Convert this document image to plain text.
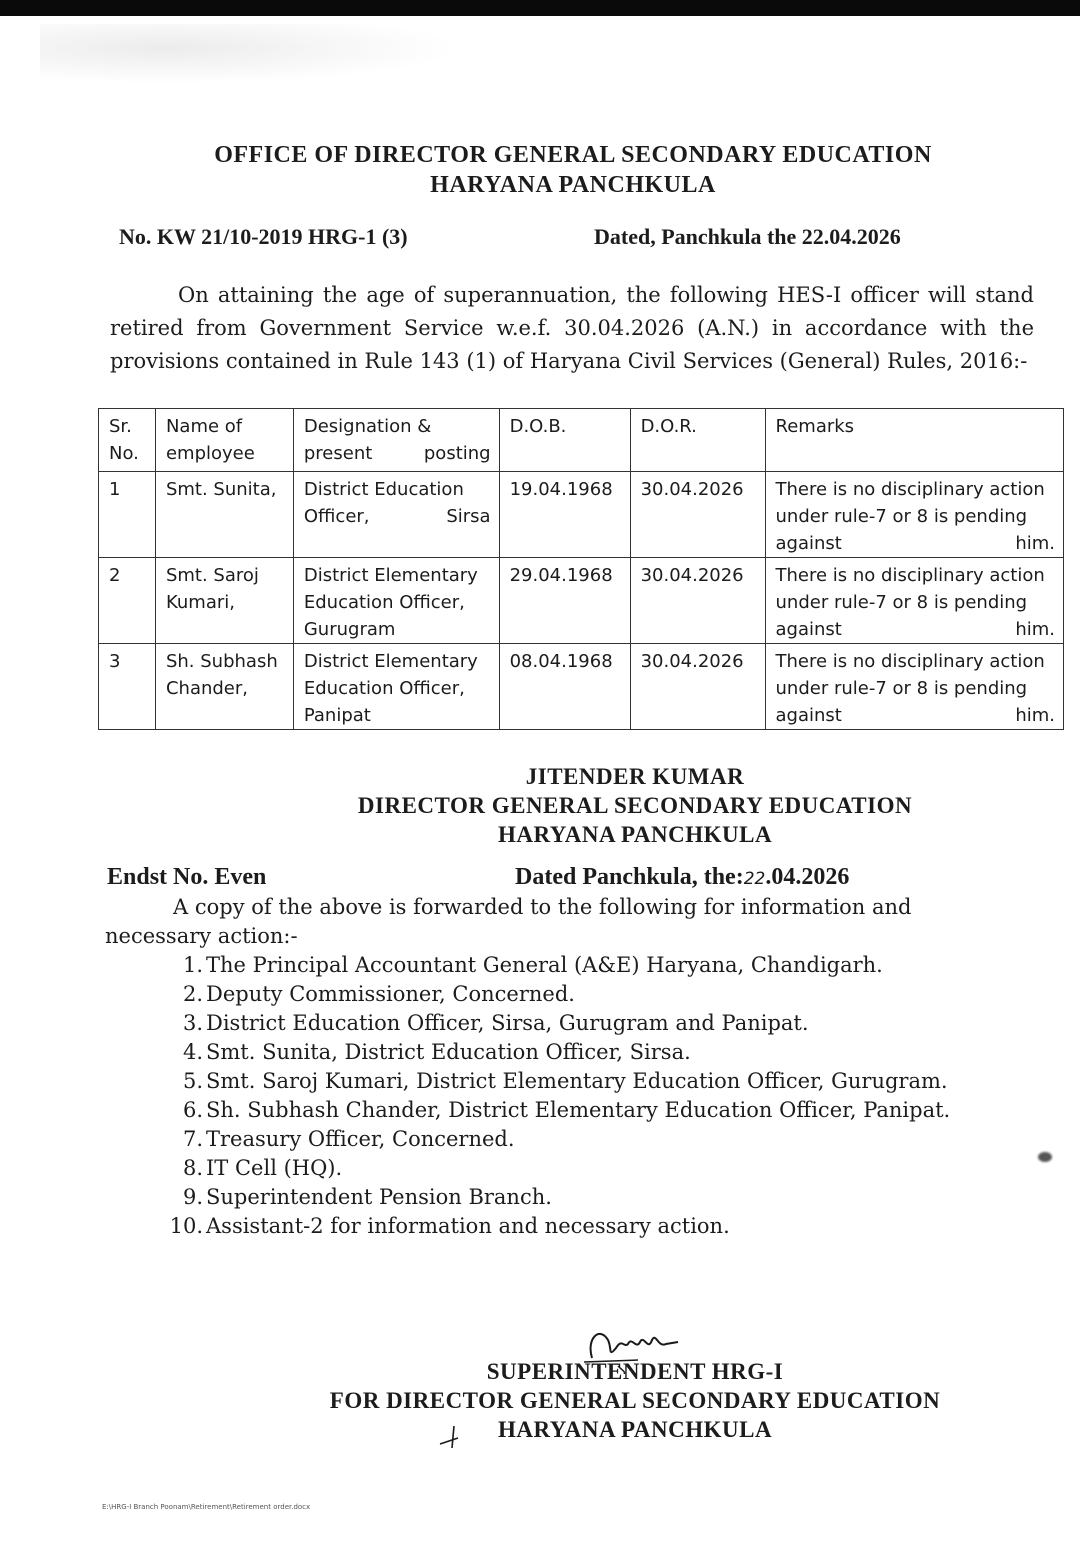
OFFICE OF DIRECTOR GENERAL SECONDARY EDUCATION
HARYANA PANCHKULA
No. KW 21/10-2019 HRG-1 (3)	Dated, Panchkula the 22.04.2026
On attaining the age of superannuation, the following HES-I officer will stand retired from Government Service w.e.f. 30.04.2026 (A.N.) in accordance with the provisions contained in Rule 143 (1) of Haryana Civil Services (General) Rules, 2016:-
Sr. No.	Name of employee	Designation & present posting	D.O.B.	D.O.R.	Remarks
1	Smt. Sunita,	District Education Officer, Sirsa	19.04.1968	30.04.2026	There is no disciplinary action under rule-7 or 8 is pending against him.
2	Smt. Saroj Kumari,	District Elementary Education Officer, Gurugram	29.04.1968	30.04.2026	There is no disciplinary action under rule-7 or 8 is pending against him.
3	Sh. Subhash Chander,	District Elementary Education Officer, Panipat	08.04.1968	30.04.2026	There is no disciplinary action under rule-7 or 8 is pending against him.
JITENDER KUMAR
DIRECTOR GENERAL SECONDARY EDUCATION
HARYANA PANCHKULA
Endst No. Even	Dated Panchkula, the:22.04.2026
A copy of the above is forwarded to the following for information and necessary action:-
1. The Principal Accountant General (A&E) Haryana, Chandigarh.
2. Deputy Commissioner, Concerned.
3. District Education Officer, Sirsa, Gurugram and Panipat.
4. Smt. Sunita, District Education Officer, Sirsa.
5. Smt. Saroj Kumari, District Elementary Education Officer, Gurugram.
6. Sh. Subhash Chander, District Elementary Education Officer, Panipat.
7. Treasury Officer, Concerned.
8. IT Cell (HQ).
9. Superintendent Pension Branch.
10. Assistant-2 for information and necessary action.
SUPERINTENDENT HRG-I
FOR DIRECTOR GENERAL SECONDARY EDUCATION
HARYANA PANCHKULA
E:\HRG-I Branch Poonam\Retirement\Retirement order.docx
